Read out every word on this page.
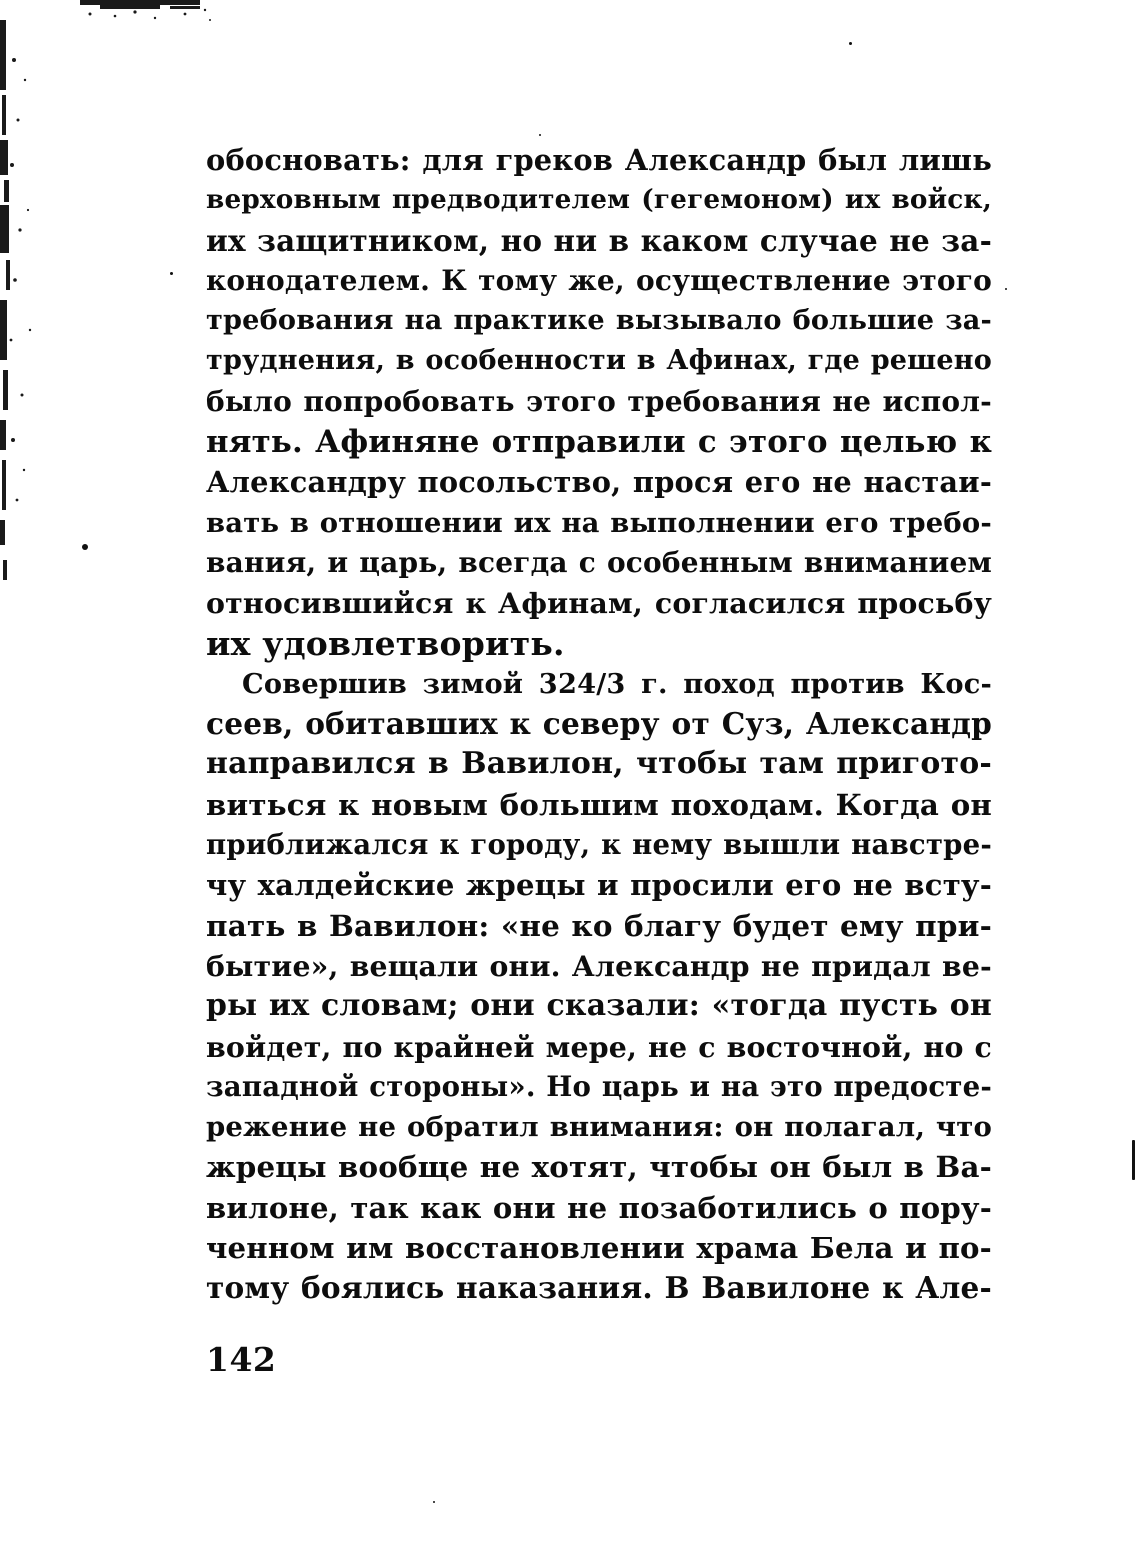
обосновать: для греков Александр был лишь
верховным предводителем (гегемоном) их войск,
их защитником, но ни в каком случае не за-
конодателем. К тому же, осуществление этого
требования на практике вызывало большие за-
труднения, в особенности в Афинах, где решено
было попробовать этого требования не испол-
нять. Афиняне отправили с этого целью к
Александру посольство, прося его не настаи-
вать в отношении их на выполнении его требо-
вания, и царь, всегда с особенным вниманием
относившийся к Афинам, согласился просьбу
их удовлетворить.
Совершив зимой 324/3 г. поход против Кос-
сеев, обитавших к северу от Суз, Александр
направился в Вавилон, чтобы там пригото-
виться к новым большим походам. Когда он
приближался к городу, к нему вышли навстре-
чу халдейские жрецы и просили его не всту-
пать в Вавилон: «не ко благу будет ему при-
бытие», вещали они. Александр не придал ве-
ры их словам; они сказали: «тогда пусть он
войдет, по крайней мере, не с восточной, но с
западной стороны». Но царь и на это предосте-
режение не обратил внимания: он полагал, что
жрецы вообще не хотят, чтобы он был в Ва-
вилоне, так как они не позаботились о пору-
ченном им восстановлении храма Бела и по-
тому боялись наказания. В Вавилоне к Але-
142
